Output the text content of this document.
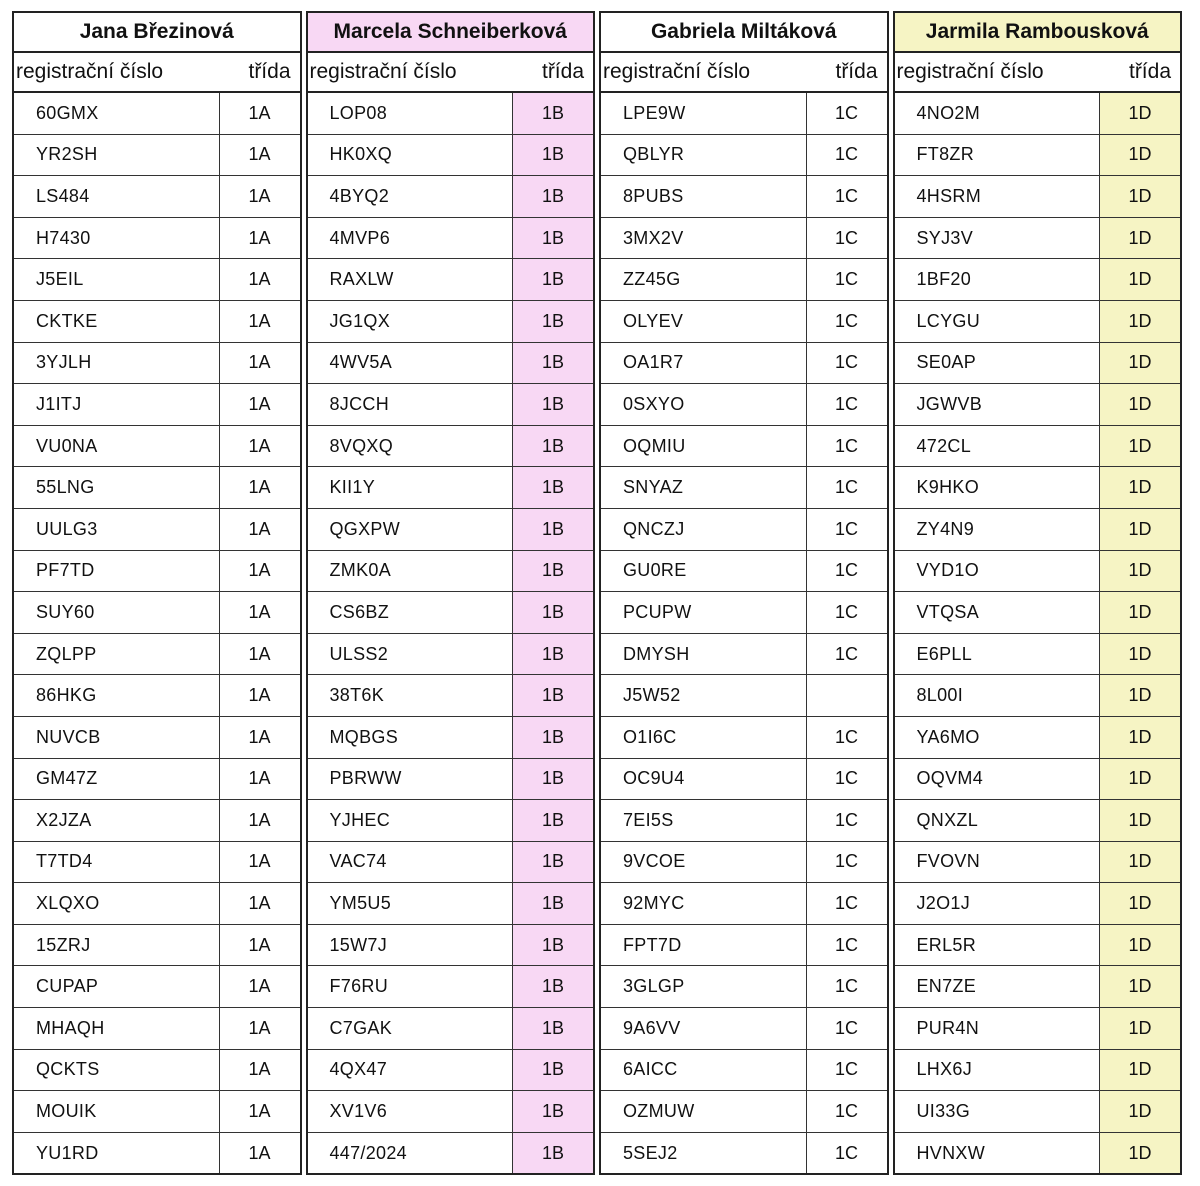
Jana Březinová
registrační číslo	třída
60GMX	1A
YR2SH	1A
LS484	1A
H7430	1A
J5EIL	1A
CKTKE	1A
3YJLH	1A
J1ITJ	1A
VU0NA	1A
55LNG	1A
UULG3	1A
PF7TD	1A
SUY60	1A
ZQLPP	1A
86HKG	1A
NUVCB	1A
GM47Z	1A
X2JZA	1A
T7TD4	1A
XLQXO	1A
15ZRJ	1A
CUPAP	1A
MHAQH	1A
QCKTS	1A
MOUIK	1A
YU1RD	1A
Marcela Schneiberková
registrační číslo	třída
LOP08	1B
HK0XQ	1B
4BYQ2	1B
4MVP6	1B
RAXLW	1B
JG1QX	1B
4WV5A	1B
8JCCH	1B
8VQXQ	1B
KII1Y	1B
QGXPW	1B
ZMK0A	1B
CS6BZ	1B
ULSS2	1B
38T6K	1B
MQBGS	1B
PBRWW	1B
YJHEC	1B
VAC74	1B
YM5U5	1B
15W7J	1B
F76RU	1B
C7GAK	1B
4QX47	1B
XV1V6	1B
447/2024	1B
Gabriela Miltáková
registrační číslo	třída
LPE9W	1C
QBLYR	1C
8PUBS	1C
3MX2V	1C
ZZ45G	1C
OLYEV	1C
OA1R7	1C
0SXYO	1C
OQMIU	1C
SNYAZ	1C
QNCZJ	1C
GU0RE	1C
PCUPW	1C
DMYSH	1C
J5W52
O1I6C	1C
OC9U4	1C
7EI5S	1C
9VCOE	1C
92MYC	1C
FPT7D	1C
3GLGP	1C
9A6VV	1C
6AICC	1C
OZMUW	1C
5SEJ2	1C
Jarmila Rambousková
registrační číslo	třída
4NO2M	1D
FT8ZR	1D
4HSRM	1D
SYJ3V	1D
1BF20	1D
LCYGU	1D
SE0AP	1D
JGWVB	1D
472CL	1D
K9HKO	1D
ZY4N9	1D
VYD1O	1D
VTQSA	1D
E6PLL	1D
8L00I	1D
YA6MO	1D
OQVM4	1D
QNXZL	1D
FVOVN	1D
J2O1J	1D
ERL5R	1D
EN7ZE	1D
PUR4N	1D
LHX6J	1D
UI33G	1D
HVNXW	1D
